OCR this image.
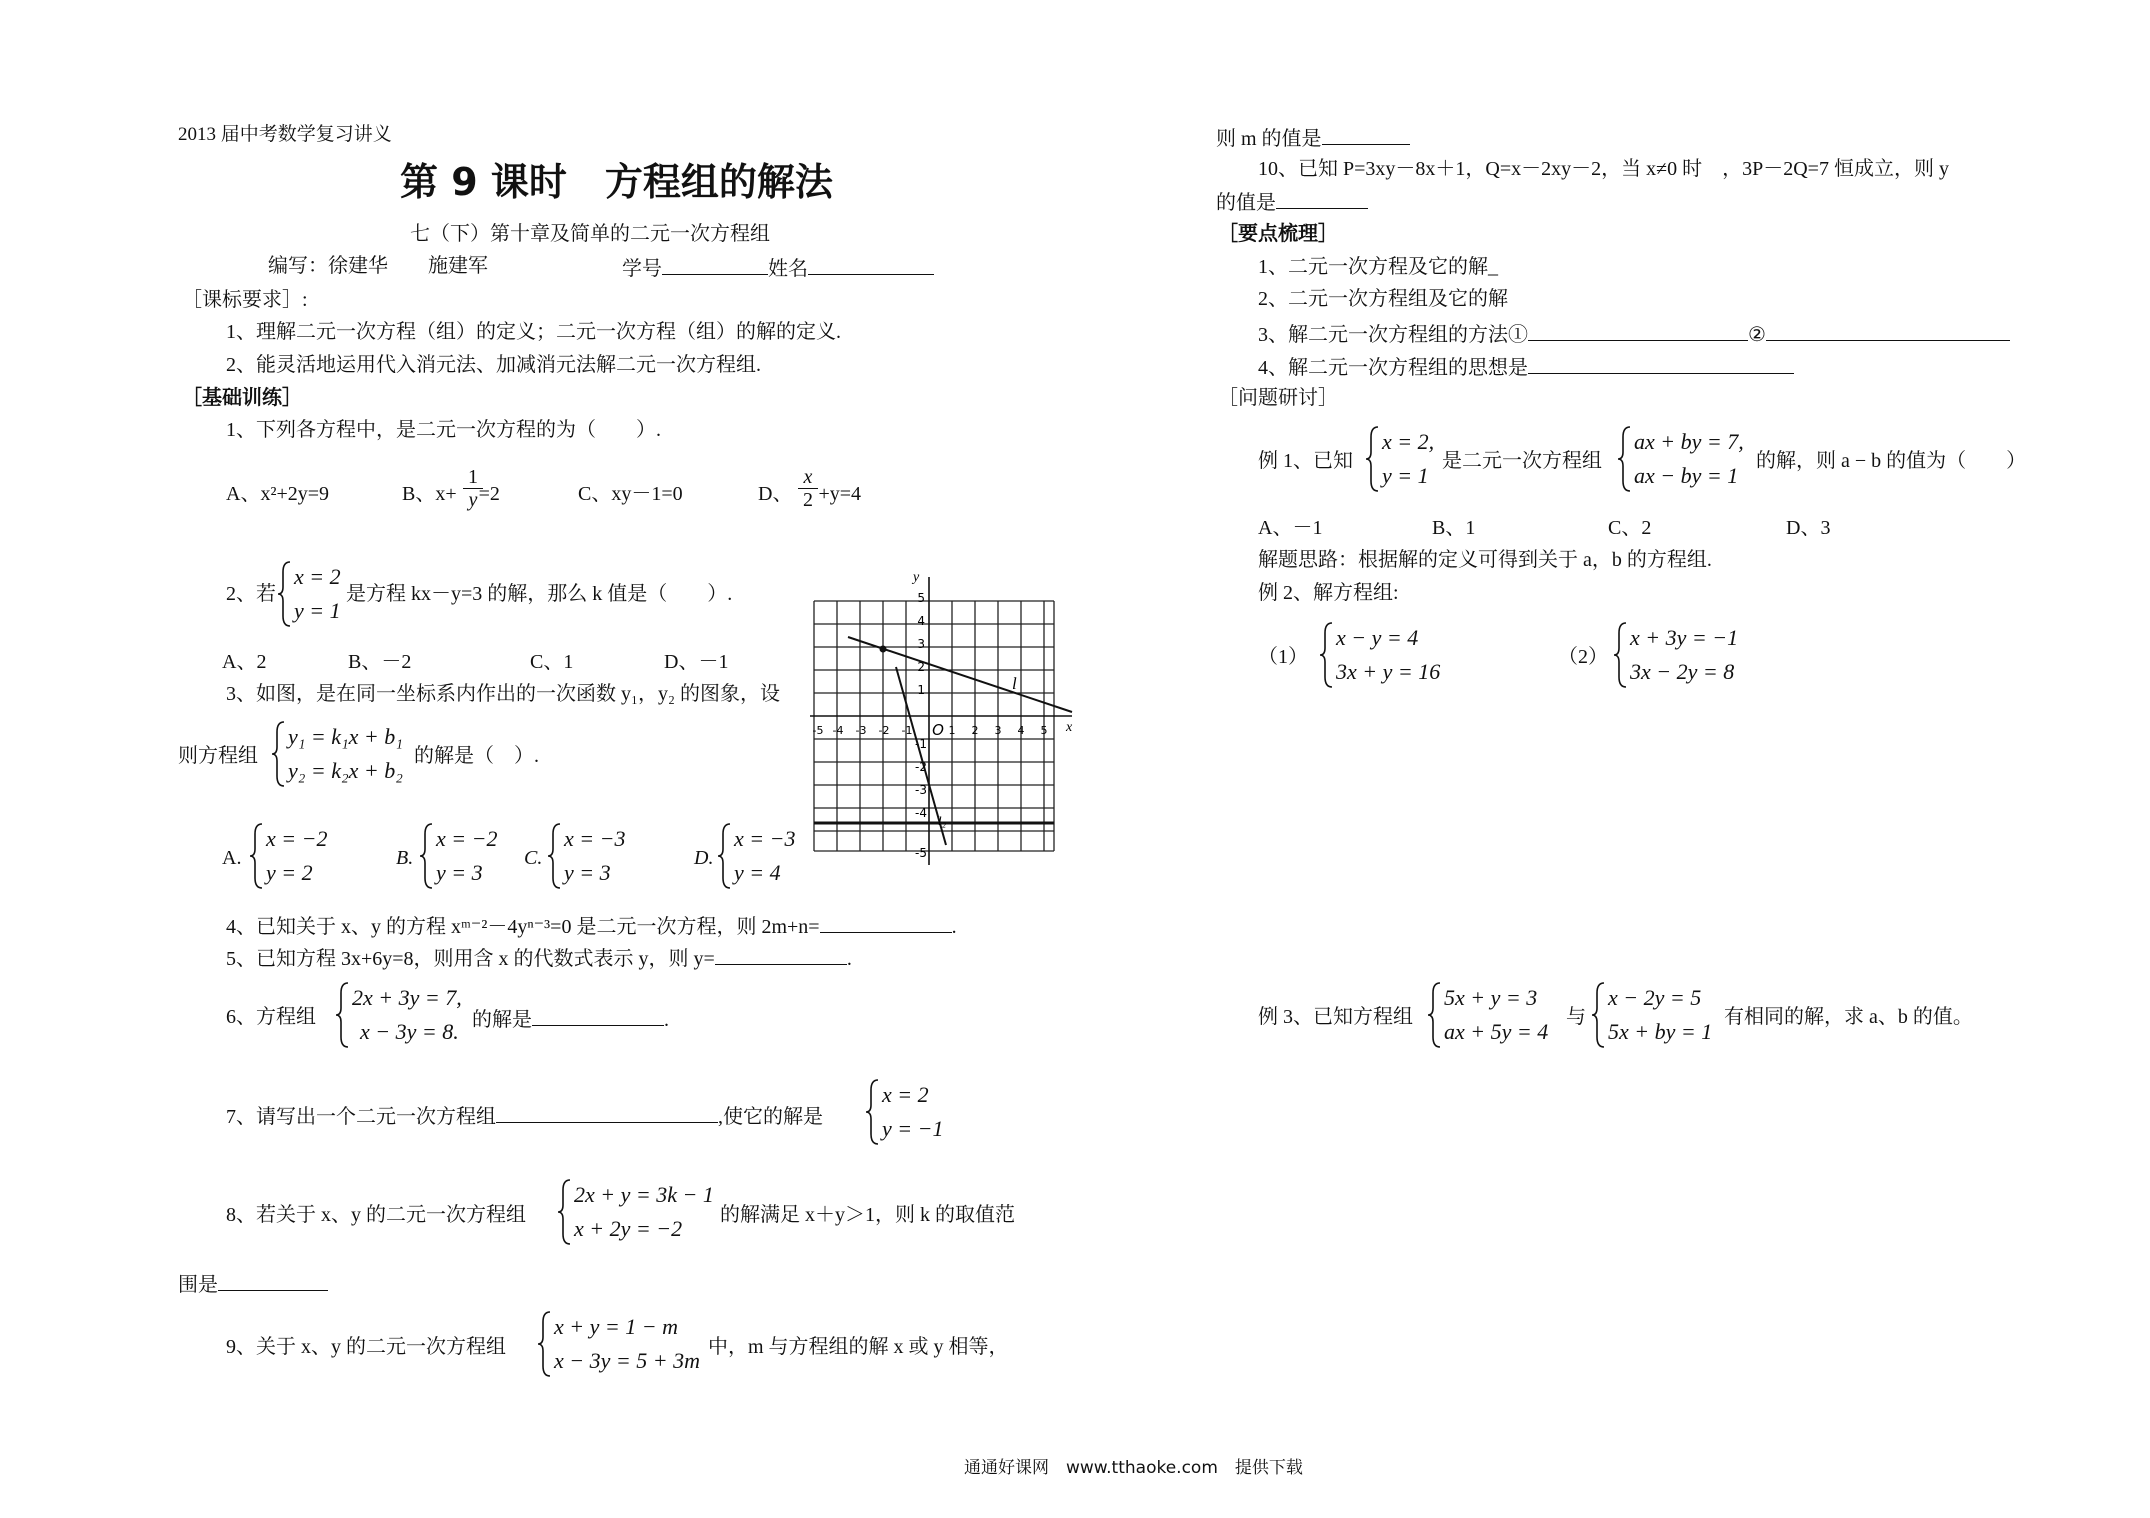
2013 届中考数学复习讲义
第 9 课时　方程组的解法
七（下）第十章及简单的二元一次方程组
编写：徐建华　　施建军	学号	姓名
［课标要求］:
1、理解二元一次方程（组）的定义；二元一次方程（组）的解的定义.
2、能灵活地运用代入消元法、加减消元法解二元一次方程组.
［基础训练］
1、下列各方程中，是二元一次方程的为（　　）.
A、x²+2y=9	B、x+ =2
$\frac{1}{y}$	C、xy－1=0	D、 +y=4
$\frac{x}{2}$
2、若
x = 2
y = 1
是方程 kx－y=3 的解，那么 k 值是（　　）.
A、2	B、－2	C、1	D、－1
3、如图，是在同一坐标系内作出的一次函数 y₁，y₂ 的图象，设
则方程组
y₁ = k₁x + b₁
y₂ = k₂x + b₂
的解是（　）.
A.
x = −2
y = 2
B.
x = −2
y = 3
C.
x = −3
y = 3
D.
x = −3
y = 4
x
y
-5 -4 -3 -2 -1 O 1 2 3 4 5
5
4
3
2
1
-1
-2
-3
-4
-5
l
l₂
4、已知关于 x、y 的方程 xᵐ⁻²－4yⁿ⁻³=0 是二元一次方程，则 2m+n=	.
5、已知方程 3x+6y=8，则用含 x 的代数式表示 y，则 y=	.
6、方程组
2x + 3y = 7,
x − 3y = 8. 的解是	.
7、请写出一个二元一次方程组	,使它的解是
x = 2
y = −1
8、若关于 x、y 的二元一次方程组
2x + y = 3k − 1
x + 2y = −2
的解满足 x＋y＞1，则 k 的取值范
围是
9、关于 x、y 的二元一次方程组
x + y = 1 − m
x − 3y = 5 + 3m
中，m 与方程组的解 x 或 y 相等，
则 m 的值是
10、已知 P=3xy－8x＋1，Q=x－2xy－2，当 x≠0 时　，3P－2Q=7 恒成立，则 y
的值是
［要点梳理］
1、二元一次方程及它的解_
2、二元一次方程组及它的解
3、解二元一次方程组的方法①	②
4、解二元一次方程组的思想是
［问题研讨］
例 1、已知
x = 2,
y = 1
是二元一次方程组
ax + by = 7,
ax − by = 1
的解，则 a − b 的值为（　　）
A、－1	B、1	C、2	D、3
解题思路：根据解的定义可得到关于 a，b 的方程组.
例 2、解方程组:
（1）
x − y = 4
3x + y = 16
（2）
x + 3y = −1
3x − 2y = 8
例 3、已知方程组
5x + y = 3
ax + 5y = 4
与
x − 2y = 5
5x + by = 1
有相同的解，求 a、b 的值。
通通好课网　www.tthaoke.com　提供下载
